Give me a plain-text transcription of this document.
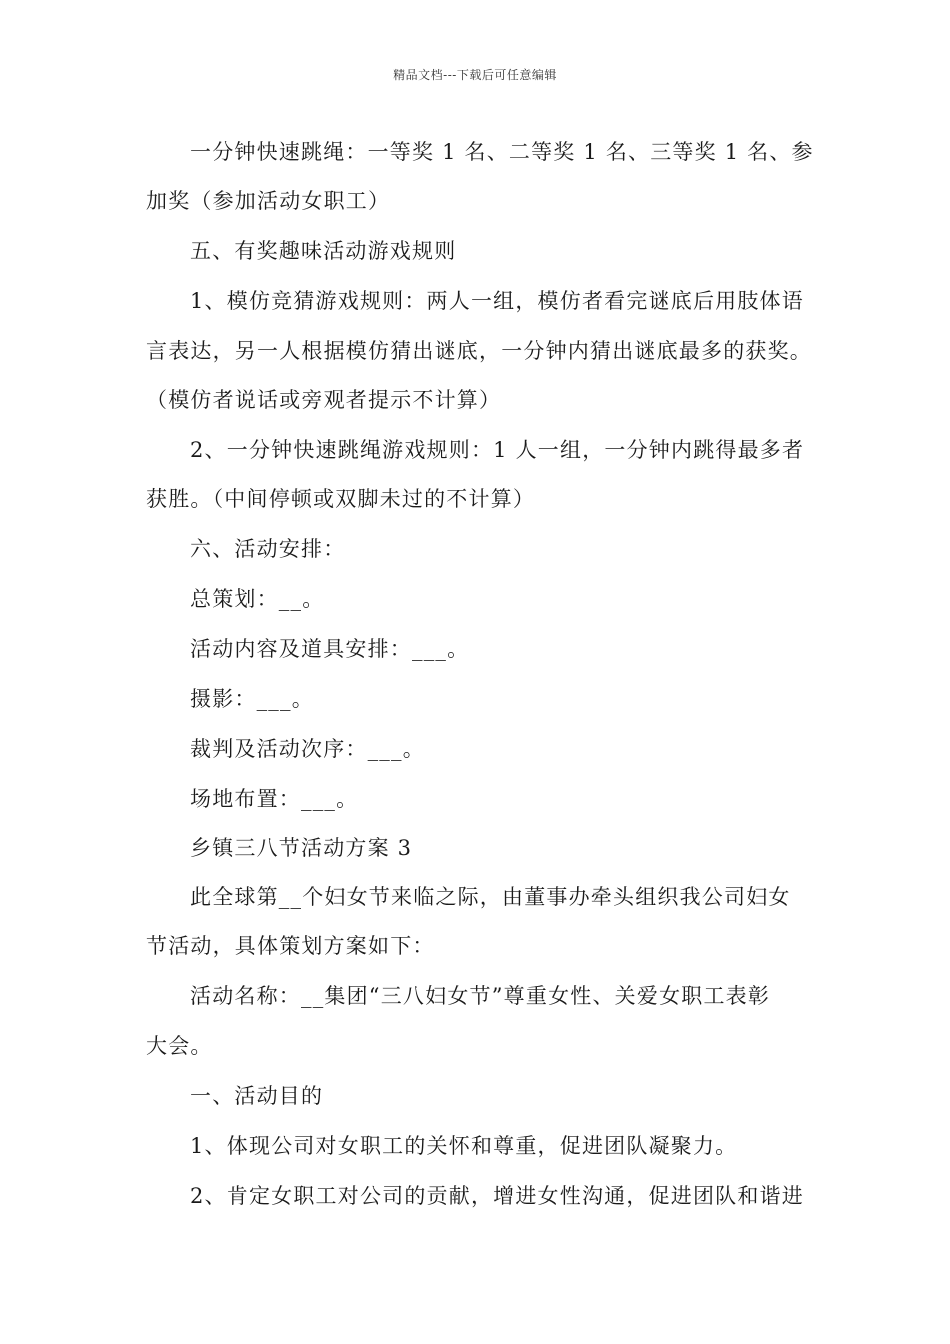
精品文档---下载后可任意编辑
一分钟快速跳绳：一等奖 1 名、二等奖 1 名、三等奖 1 名、参
加奖（参加活动女职工）
五、有奖趣味活动游戏规则
1、模仿竞猜游戏规则：两人一组，模仿者看完谜底后用肢体语
言表达，另一人根据模仿猜出谜底，一分钟内猜出谜底最多的获奖。
（模仿者说话或旁观者提示不计算）
2、一分钟快速跳绳游戏规则：1 人一组，一分钟内跳得最多者
获胜。（中间停顿或双脚未过的不计算）
六、活动安排：
总策划：__。
活动内容及道具安排：___。
摄影：___。
裁判及活动次序：___。
场地布置：___。
乡镇三八节活动方案 3
此全球第__个妇女节来临之际，由董事办牵头组织我公司妇女
节活动，具体策划方案如下：
活动名称：__集团“三八妇女节”尊重女性、关爱女职工表彰
大会。
一、活动目的
1、体现公司对女职工的关怀和尊重，促进团队凝聚力。
2、肯定女职工对公司的贡献，增进女性沟通，促进团队和谐进
